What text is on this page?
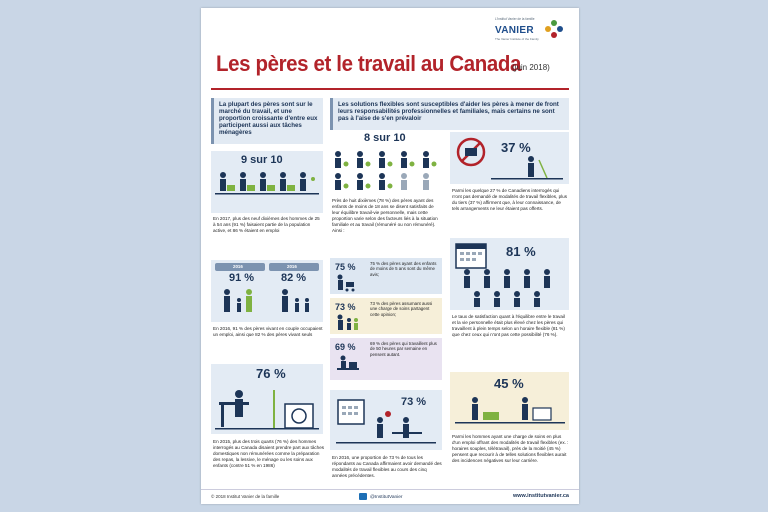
L'Institut Vanier de la famille
VANIER
The Vanier Institute of the Family
Les pères et le travail au Canada
(juin 2018)
La plupart des pères sont sur le marché du travail, et une proportion croissante d'entre eux participent aussi aux tâches ménagères
9 sur 10
En 2017, plus des neuf dixièmes des hommes de 25 à 54 ans (91 %) faisaient partie de la population active, et 86 % étaient en emploi
2016	2016
91 % 82 %
En 2016, 91 % des pères vivant en couple occupaient un emploi, ainsi que 82 % des pères vivant seuls
76 %
En 2015, plus des trois quarts (76 %) des hommes interrogés au Canada disaient prendre part aux tâches domestiques non rémunérées comme la préparation des repas, la lessive, le ménage ou les soins aux enfants (contre 51 % en 1986)
Les solutions flexibles sont susceptibles d'aider les pères à mener de front leurs responsabilités professionnelles et familiales, mais certains ne sont pas à l'aise de s'en prévaloir
8 sur 10
Près de huit dixièmes (78 %) des pères ayant des enfants de moins de 18 ans se disent satisfaits de leur équilibre travail-vie personnelle, mais cette proportion varie selon des facteurs liés à la situation familiale et au travail (rémunéré ou non rémunéré). Ainsi :
75 %	75 % des pères ayant des enfants de moins de 5 ans sont du même avis;
73 %	73 % des pères assumant aussi une charge de soins partagent cette opinion;
69 %	69 % des pères qui travaillent plus de 50 heures par semaine en pensent autant.
73 %
En 2016, une proportion de 73 % de tous les répondants au Canada affirmaient avoir demandé des modalités de travail flexibles au cours des cinq années précédentes.
37 %
Parmi les quelque 27 % de Canadiens interrogés qui n'ont pas demandé de modalités de travail flexibles, plus du tiers (37 %) affirment que, à leur connaissance, de tels arrangements ne leur étaient pas offerts.
81 %
Le taux de satisfaction quant à l'équilibre entre le travail et la vie personnelle était plus élevé chez les pères qui travaillent à plein temps selon un horaire flexible (81 %) que chez ceux qui n'ont pas cette possibilité (76 %).
45 %
Parmi les hommes ayant une charge de soins en plus d'un emploi offrant des modalités de travail flexibles (ex. : horaires souples, télétravail), près de la moitié (45 %) pensent que recourir à de telles solutions flexibles aurait des incidences négatives sur leur carrière.
© 2018 Institut Vanier de la famille	@InstitutVanier	www.institutvanier.ca
